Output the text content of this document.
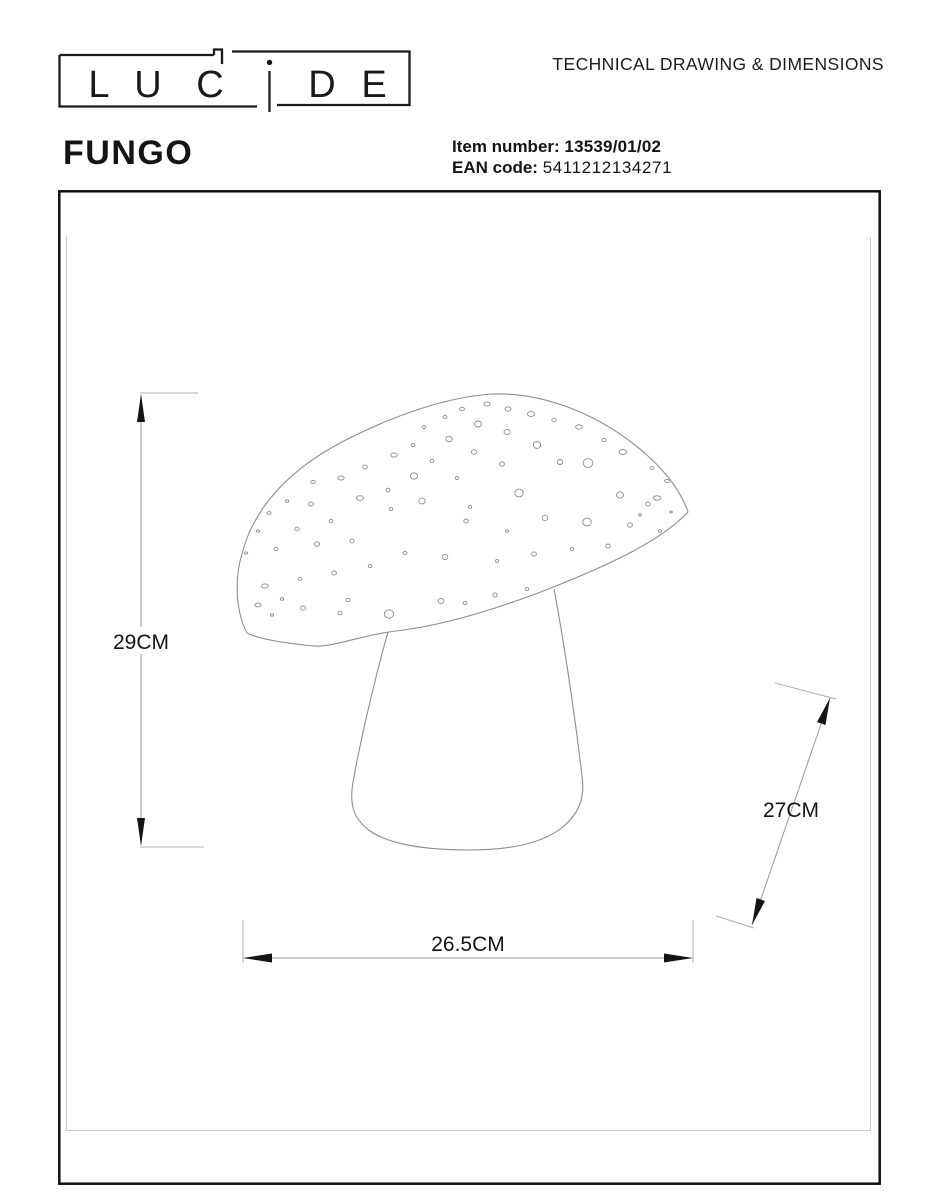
L U C D E	TECHNICAL DRAWING & DIMENSIONS
FUNGO	Item number: 13539/01/02
EAN code: 5411212134271
29CM
27CM
26.5CM
